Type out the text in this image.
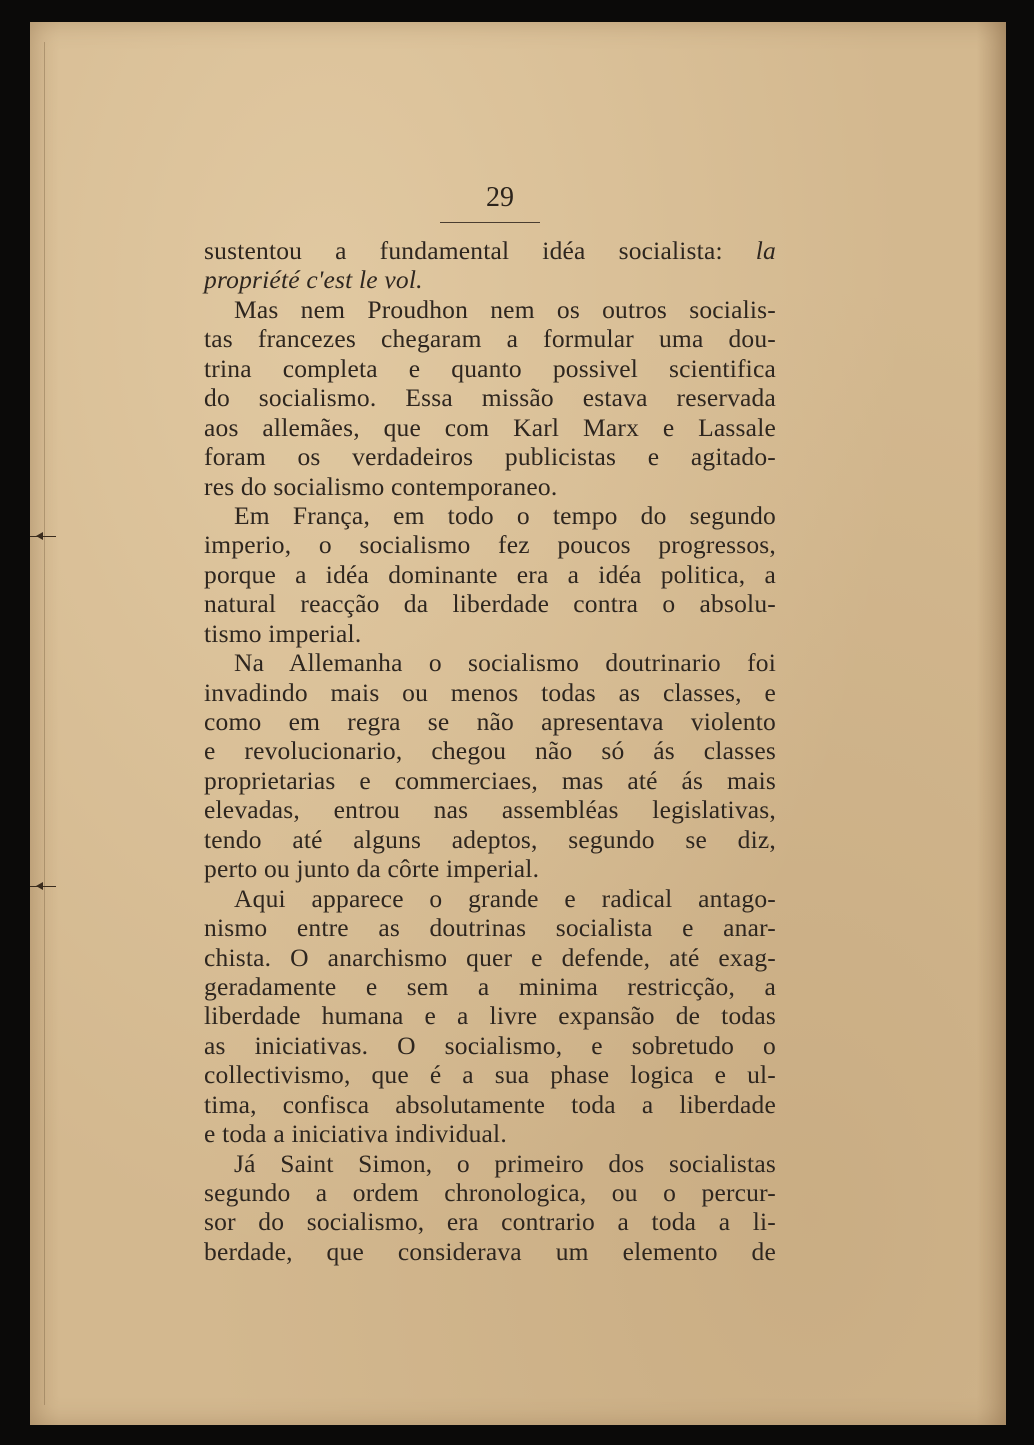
29
sustentou a fundamental idéa socialista: la
propriété c'est le vol.
Mas nem Proudhon nem os outros socialis-
tas francezes chegaram a formular uma dou-
trina completa e quanto possivel scientifica
do socialismo. Essa missão estava reservada
aos allemães, que com Karl Marx e Lassale
foram os verdadeiros publicistas e agitado-
res do socialismo contemporaneo.
Em França, em todo o tempo do segundo
imperio, o socialismo fez poucos progressos,
porque a idéa dominante era a idéa politica, a
natural reacção da liberdade contra o absolu-
tismo imperial.
Na Allemanha o socialismo doutrinario foi
invadindo mais ou menos todas as classes, e
como em regra se não apresentava violento
e revolucionario, chegou não só ás classes
proprietarias e commerciaes, mas até ás mais
elevadas, entrou nas assembléas legislativas,
tendo até alguns adeptos, segundo se diz,
perto ou junto da côrte imperial.
Aqui apparece o grande e radical antago-
nismo entre as doutrinas socialista e anar-
chista. O anarchismo quer e defende, até exag-
geradamente e sem a minima restricção, a
liberdade humana e a livre expansão de todas
as iniciativas. O socialismo, e sobretudo o
collectivismo, que é a sua phase logica e ul-
tima, confisca absolutamente toda a liberdade
e toda a iniciativa individual.
Já Saint Simon, o primeiro dos socialistas
segundo a ordem chronologica, ou o percur-
sor do socialismo, era contrario a toda a li-
berdade, que considerava um elemento de
